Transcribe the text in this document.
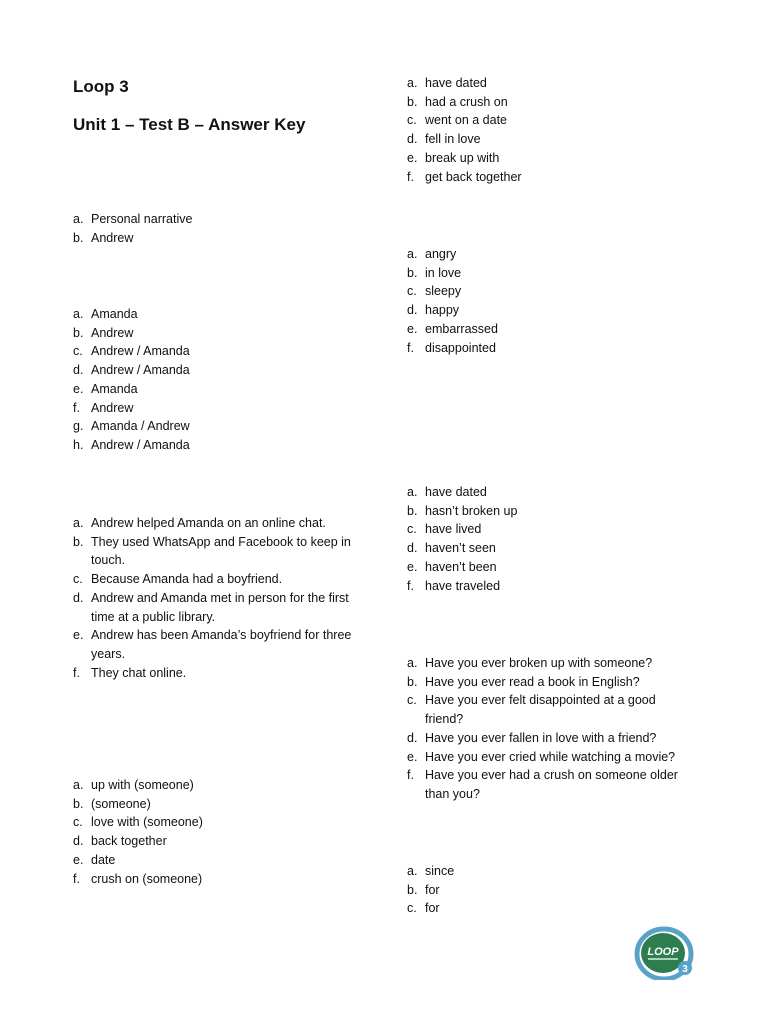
Loop 3
Unit 1 – Test B – Answer Key
a. Personal narrative
b. Andrew
a. Amanda
b. Andrew
c. Andrew / Amanda
d. Andrew / Amanda
e. Amanda
f. Andrew
g. Amanda / Andrew
h. Andrew / Amanda
a. Andrew helped Amanda on an online chat.
b. They used WhatsApp and Facebook to keep in touch.
c. Because Amanda had a boyfriend.
d. Andrew and Amanda met in person for the first time at a public library.
e. Andrew has been Amanda’s boyfriend for three years.
f. They chat online.
a. up with (someone)
b. (someone)
c. love with (someone)
d. back together
e. date
f. crush on (someone)
a. have dated
b. had a crush on
c. went on a date
d. fell in love
e. break up with
f. get back together
a. angry
b. in love
c. sleepy
d. happy
e. embarrassed
f. disappointed
a. have dated
b. hasn’t broken up
c. have lived
d. haven’t seen
e. haven’t been
f. have traveled
a. Have you ever broken up with someone?
b. Have you ever read a book in English?
c. Have you ever felt disappointed at a good friend?
d. Have you ever fallen in love with a friend?
e. Have you ever cried while watching a movie?
f. Have you ever had a crush on someone older than you?
a. since
b. for
c. for
LOOP
3
